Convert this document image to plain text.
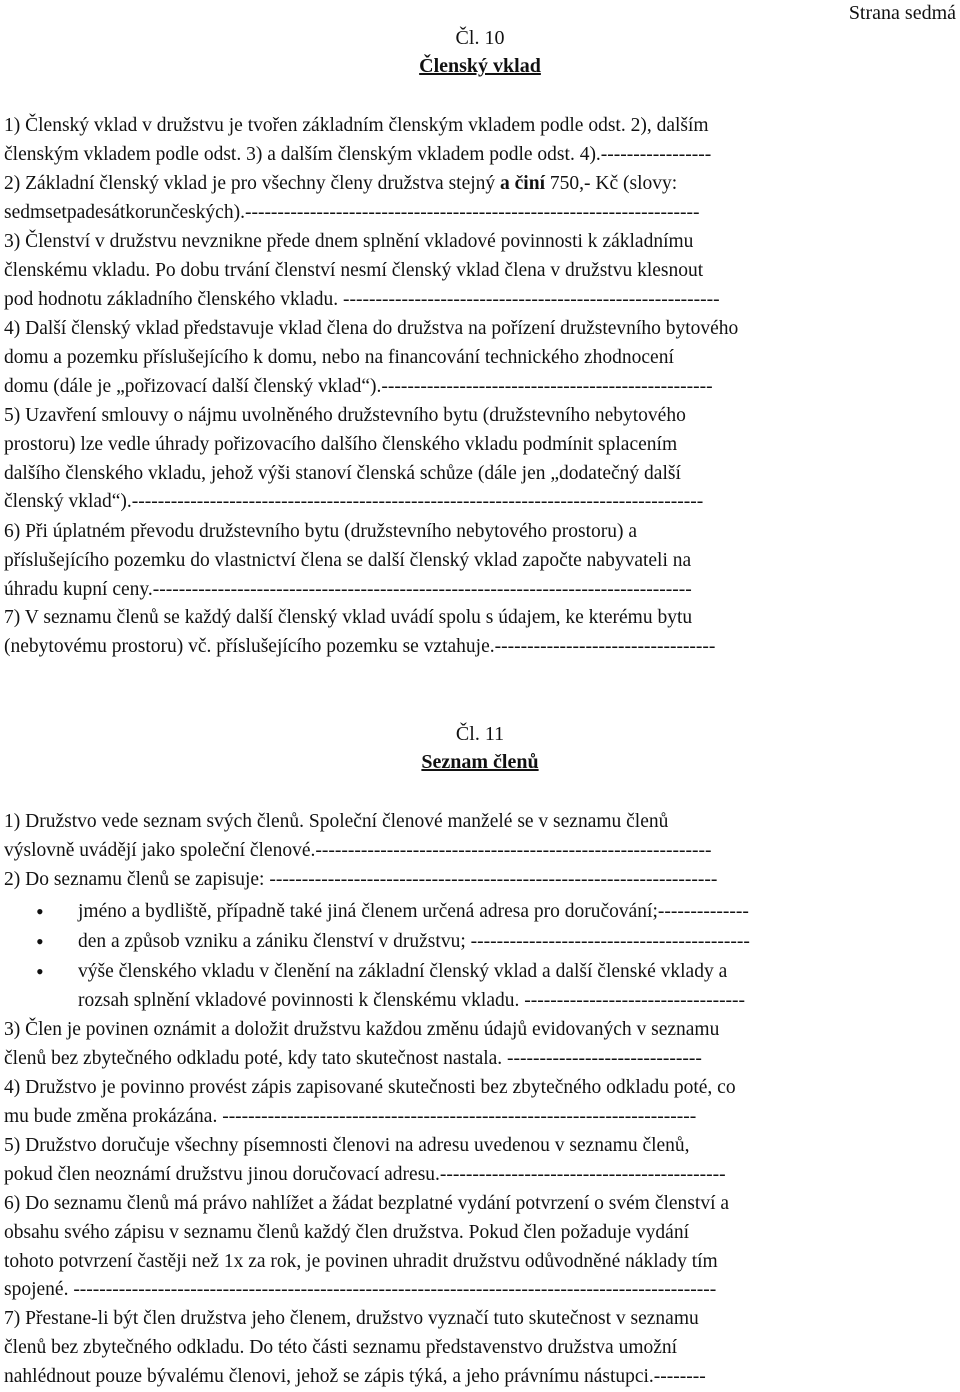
Strana sedmá
Čl. 10
Členský vklad
1) Členský vklad v družstvu je tvořen základním členským vkladem podle odst. 2), dalším
členským vkladem podle odst. 3) a dalším členským vkladem podle odst. 4).-----------------
2) Základní členský vklad je pro všechny členy družstva stejný a činí 750,- Kč (slovy:
sedmsetpadesátkorunčeských).----------------------------------------------------------------------
3) Členství v družstvu nevznikne přede dnem splnění vkladové povinnosti k základnímu
členskému vkladu. Po dobu trvání členství nesmí členský vklad člena v družstvu klesnout
pod hodnotu základního členského vkladu. ----------------------------------------------------------
4) Další členský vklad představuje vklad člena do družstva na pořízení družstevního bytového
domu a pozemku příslušejícího k domu, nebo na financování technického zhodnocení
domu (dále je „pořizovací další členský vklad“).---------------------------------------------------
5) Uzavření smlouvy o nájmu uvolněného družstevního bytu (družstevního nebytového
prostoru) lze vedle úhrady pořizovacího dalšího členského vkladu podmínit splacením
dalšího členského vkladu, jehož výši stanoví členská schůze (dále jen „dodatečný další
členský vklad“).----------------------------------------------------------------------------------------
6) Při úplatném převodu družstevního bytu (družstevního nebytového prostoru) a
příslušejícího pozemku do vlastnictví člena se další členský vklad započte nabyvateli na
úhradu kupní ceny.-----------------------------------------------------------------------------------
7) V seznamu členů se každý další členský vklad uvádí spolu s údajem, ke kterému bytu
(nebytovému prostoru) vč. příslušejícího pozemku se vztahuje.----------------------------------
Čl. 11
Seznam členů
1) Družstvo vede seznam svých členů. Společní členové manželé se v seznamu členů
výslovně uvádějí jako společní členové.-------------------------------------------------------------
2) Do seznamu členů se zapisuje: ---------------------------------------------------------------------
• jméno a bydliště, případně také jiná členem určená adresa pro doručování;--------------
• den a způsob vzniku a zániku členství v družstvu; -------------------------------------------
• výše členského vkladu v členění na základní členský vklad a další členské vklady a
rozsah splnění vkladové povinnosti k členskému vkladu. ----------------------------------
3) Člen je povinen oznámit a doložit družstvu každou změnu údajů evidovaných v seznamu
členů bez zbytečného odkladu poté, kdy tato skutečnost nastala. ------------------------------
4) Družstvo je povinno provést zápis zapisované skutečnosti bez zbytečného odkladu poté, co
mu bude změna prokázána. -------------------------------------------------------------------------
5) Družstvo doručuje všechny písemnosti členovi na adresu uvedenou v seznamu členů,
pokud člen neoznámí družstvu jinou doručovací adresu.--------------------------------------------
6) Do seznamu členů má právo nahlížet a žádat bezplatné vydání potvrzení o svém členství a
obsahu svého zápisu v seznamu členů každý člen družstva. Pokud člen požaduje vydání
tohoto potvrzení častěji než 1x za rok, je povinen uhradit družstvu odůvodněné náklady tím
spojené. ---------------------------------------------------------------------------------------------------
7) Přestane-li být člen družstva jeho členem, družstvo vyznačí tuto skutečnost v seznamu
členů bez zbytečného odkladu. Do této části seznamu představenstvo družstva umožní
nahlédnout pouze bývalému členovi, jehož se zápis týká, a jeho právnímu nástupci.--------
